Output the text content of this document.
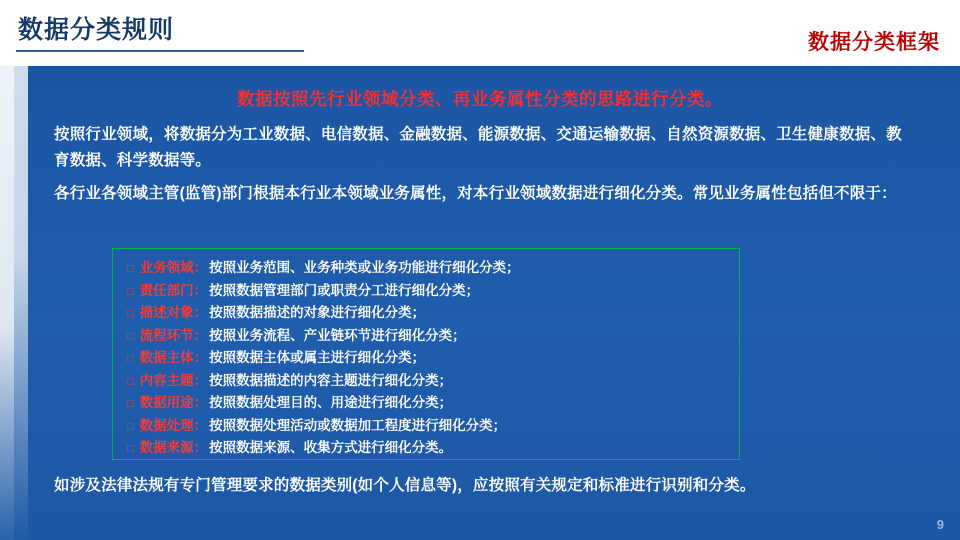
数据分类规则	数据分类框架
数据按照先行业领域分类、再业务属性分类的思路进行分类。
按照行业领域，将数据分为工业数据、电信数据、金融数据、能源数据、交通运输数据、自然资源数据、卫生健康数据、教育数据、科学数据等。
各行业各领域主管(监管)部门根据本行业本领域业务属性，对本行业领域数据进行细化分类。常见业务属性包括但不限于：
□ 业务领域： 按照业务范围、业务种类或业务功能进行细化分类；
□ 责任部门： 按照数据管理部门或职责分工进行细化分类；
□ 描述对象： 按照数据描述的对象进行细化分类；
□ 流程环节： 按照业务流程、产业链环节进行细化分类；
□ 数据主体： 按照数据主体或属主进行细化分类；
□ 内容主题： 按照数据描述的内容主题进行细化分类；
□ 数据用途： 按照数据处理目的、用途进行细化分类；
□ 数据处理： 按照数据处理活动或数据加工程度进行细化分类；
□ 数据来源： 按照数据来源、收集方式进行细化分类。
如涉及法律法规有专门管理要求的数据类别(如个人信息等)，应按照有关规定和标准进行识别和分类。
9
